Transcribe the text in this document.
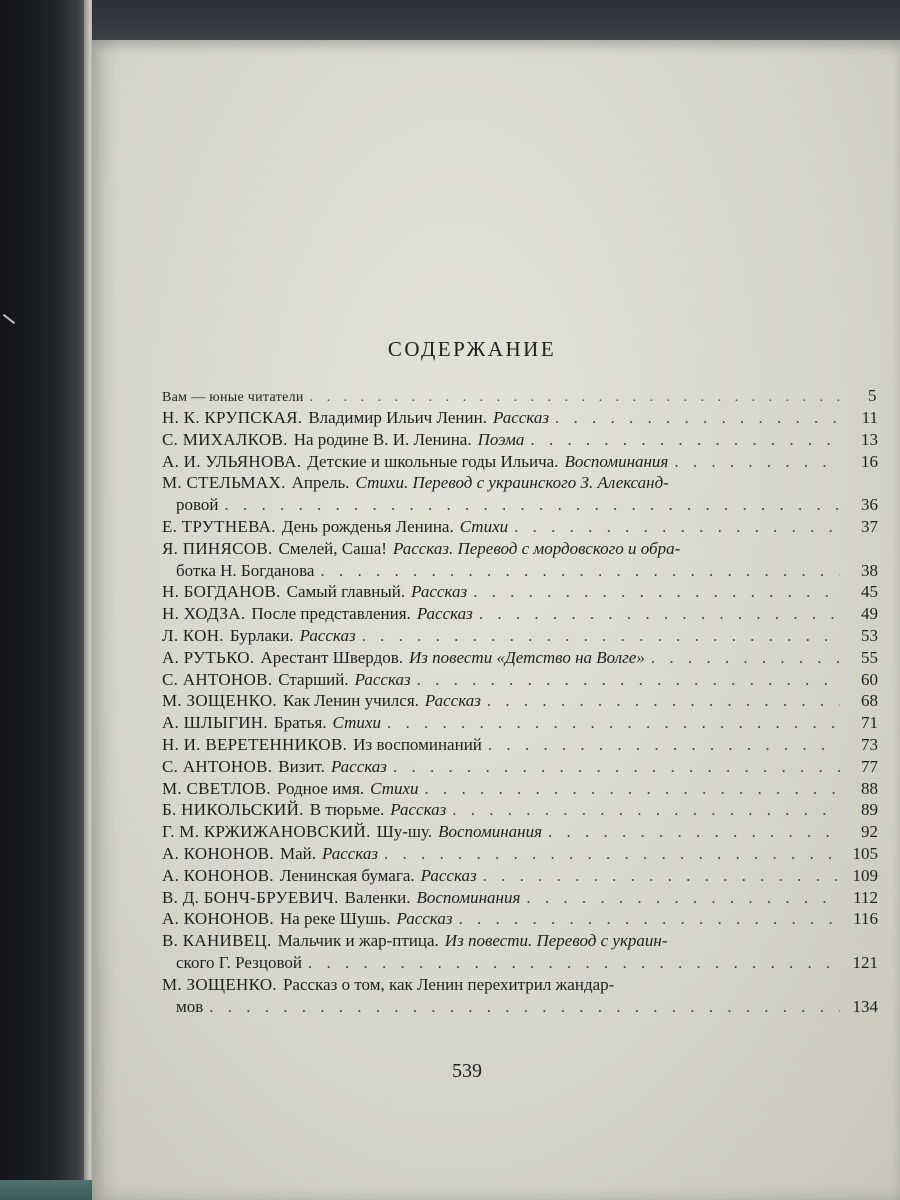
СОДЕРЖАНИЕ
Вам — юные читатели . . .	5
Н. К. КРУПСКАЯ. Владимир Ильич Ленин. Рассказ . . .	11
С. МИХАЛКОВ. На родине В. И. Ленина. Поэма . . .	13
А. И. УЛЬЯНОВА. Детские и школьные годы Ильича. Воспоминания . . .	16
М. СТЕЛЬМАХ. Апрель. Стихи. Перевод с украинского З. Александ-
ровой . . .	36
Е. ТРУТНЕВА. День рожденья Ленина. Стихи . . .	37
Я. ПИНЯСОВ. Смелей, Саша! Рассказ. Перевод с мордовского и обра-
ботка Н. Богданова . . .	38
Н. БОГДАНОВ. Самый главный. Рассказ . . .	45
Н. ХОДЗА. После представления. Рассказ . . .	49
Л. КОН. Бурлаки. Рассказ . . .	53
А. РУТЬКО. Арестант Швердов. Из повести «Детство на Волге» . . .	55
С. АНТОНОВ. Старший. Рассказ . . .	60
М. ЗОЩЕНКО. Как Ленин учился. Рассказ . . .	68
А. ШЛЫГИН. Братья. Стихи . . .	71
Н. И. ВЕРЕТЕННИКОВ. Из воспоминаний . . .	73
С. АНТОНОВ. Визит. Рассказ . . .	77
М. СВЕТЛОВ. Родное имя. Стихи . . .	88
Б. НИКОЛЬСКИЙ. В тюрьме. Рассказ . . .	89
Г. М. КРЖИЖАНОВСКИЙ. Шу-шу. Воспоминания . . .	92
А. КОНОНОВ. Май. Рассказ . . .	105
А. КОНОНОВ. Ленинская бумага. Рассказ . . .	109
В. Д. БОНЧ-БРУЕВИЧ. Валенки. Воспоминания . . .	112
А. КОНОНОВ. На реке Шушь. Рассказ . . .	116
В. КАНИВЕЦ. Мальчик и жар-птица. Из повести. Перевод с украин-
ского Г. Резцовой . . .	121
М. ЗОЩЕНКО. Рассказ о том, как Ленин перехитрил жандар-
мов . . .	134
539
